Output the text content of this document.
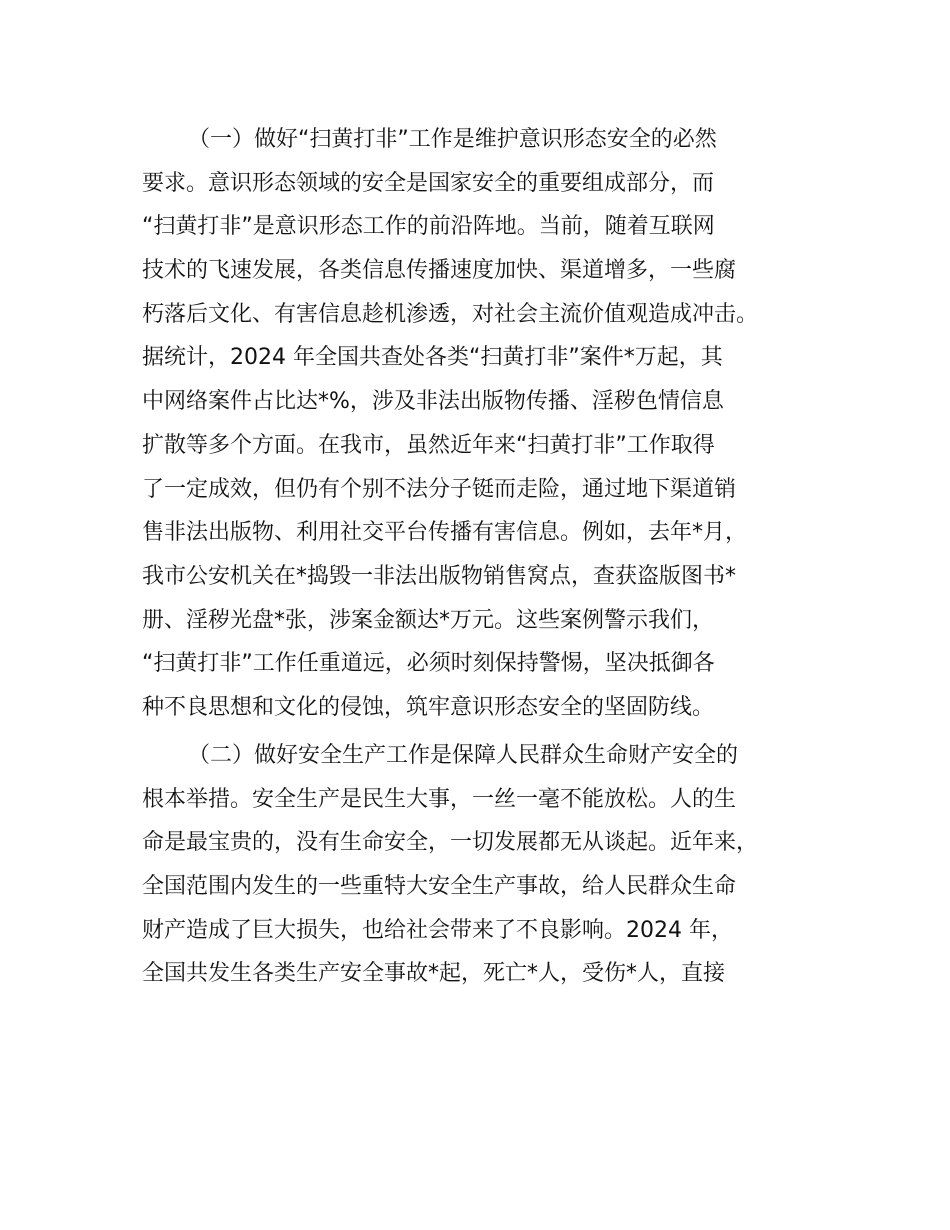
（一）做好“扫黄打非”工作是维护意识形态安全的必然
要求。意识形态领域的安全是国家安全的重要组成部分，而
“扫黄打非”是意识形态工作的前沿阵地。当前，随着互联网
技术的飞速发展，各类信息传播速度加快、渠道增多，一些腐
朽落后文化、有害信息趁机渗透，对社会主流价值观造成冲击。
据统计，2024 年全国共查处各类“扫黄打非”案件*万起，其
中网络案件占比达*%，涉及非法出版物传播、淫秽色情信息
扩散等多个方面。在我市，虽然近年来“扫黄打非”工作取得
了一定成效，但仍有个别不法分子铤而走险，通过地下渠道销
售非法出版物、利用社交平台传播有害信息。例如，去年*月，
我市公安机关在*捣毁一非法出版物销售窝点，查获盗版图书*
册、淫秽光盘*张，涉案金额达*万元。这些案例警示我们，
“扫黄打非”工作任重道远，必须时刻保持警惕，坚决抵御各
种不良思想和文化的侵蚀，筑牢意识形态安全的坚固防线。
（二）做好安全生产工作是保障人民群众生命财产安全的
根本举措。安全生产是民生大事，一丝一毫不能放松。人的生
命是最宝贵的，没有生命安全，一切发展都无从谈起。近年来，
全国范围内发生的一些重特大安全生产事故，给人民群众生命
财产造成了巨大损失，也给社会带来了不良影响。2024 年，
全国共发生各类生产安全事故*起，死亡*人，受伤*人，直接
